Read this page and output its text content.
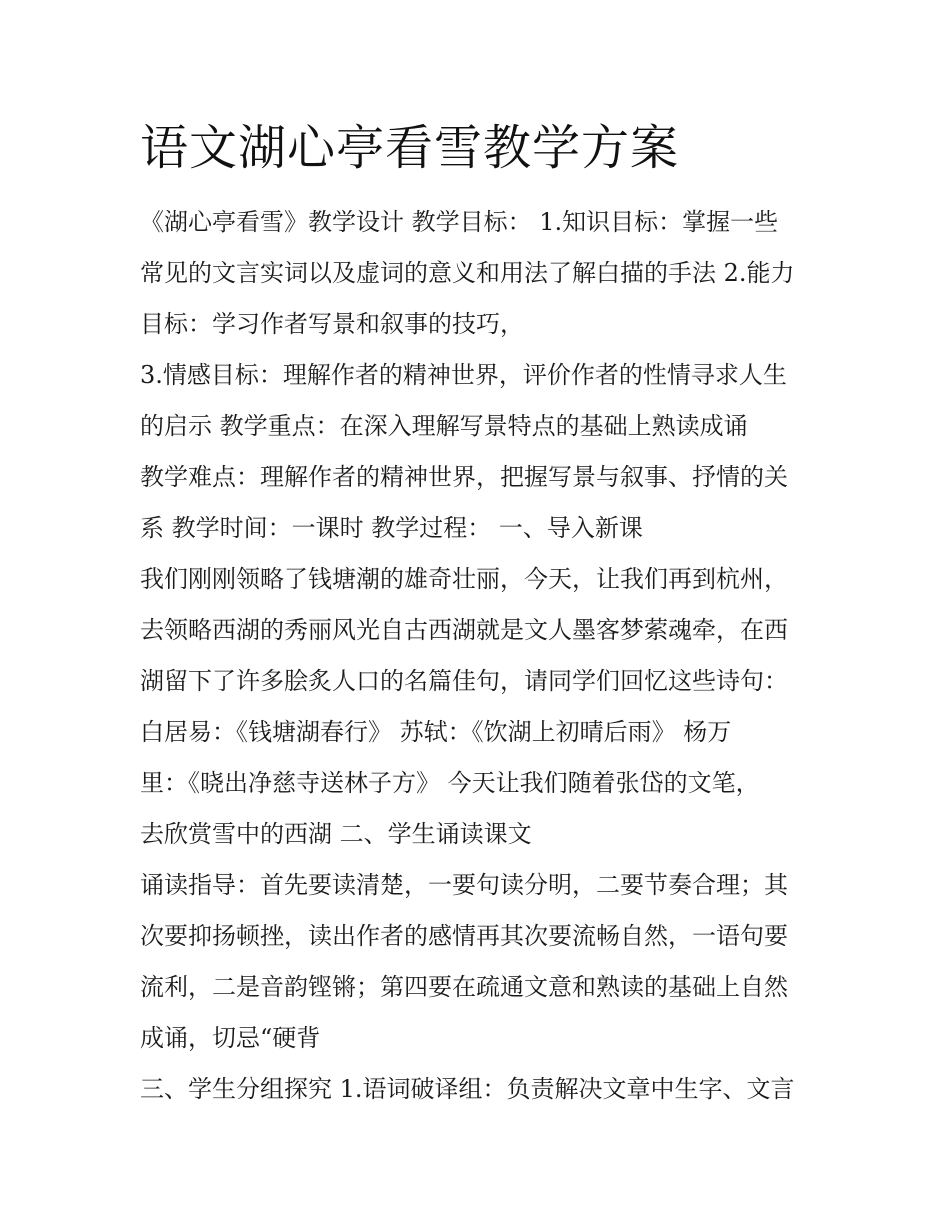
语文湖心亭看雪教学方案
《湖心亭看雪》教学设计 教学目标： 1.知识目标：掌握一些
常见的文言实词以及虚词的意义和用法了解白描的手法 2.能力
目标：学习作者写景和叙事的技巧，
3.情感目标：理解作者的精神世界，评价作者的性情寻求人生
的启示 教学重点：在深入理解写景特点的基础上熟读成诵
教学难点：理解作者的精神世界，把握写景与叙事、抒情的关
系 教学时间：一课时 教学过程： 一、导入新课
我们刚刚领略了钱塘潮的雄奇壮丽，今天，让我们再到杭州，
去领略西湖的秀丽风光自古西湖就是文人墨客梦萦魂牵，在西
湖留下了许多脍炙人口的名篇佳句，请同学们回忆这些诗句：
白居易：《钱塘湖春行》 苏轼：《饮湖上初晴后雨》 杨万
里：《晓出净慈寺送林子方》 今天让我们随着张岱的文笔，
去欣赏雪中的西湖 二、学生诵读课文
诵读指导：首先要读清楚，一要句读分明，二要节奏合理；其
次要抑扬顿挫，读出作者的感情再其次要流畅自然，一语句要
流利，二是音韵铿锵；第四要在疏通文意和熟读的基础上自然
成诵，切忌“硬背
三、学生分组探究 1.语词破译组：负责解决文章中生字、文言
